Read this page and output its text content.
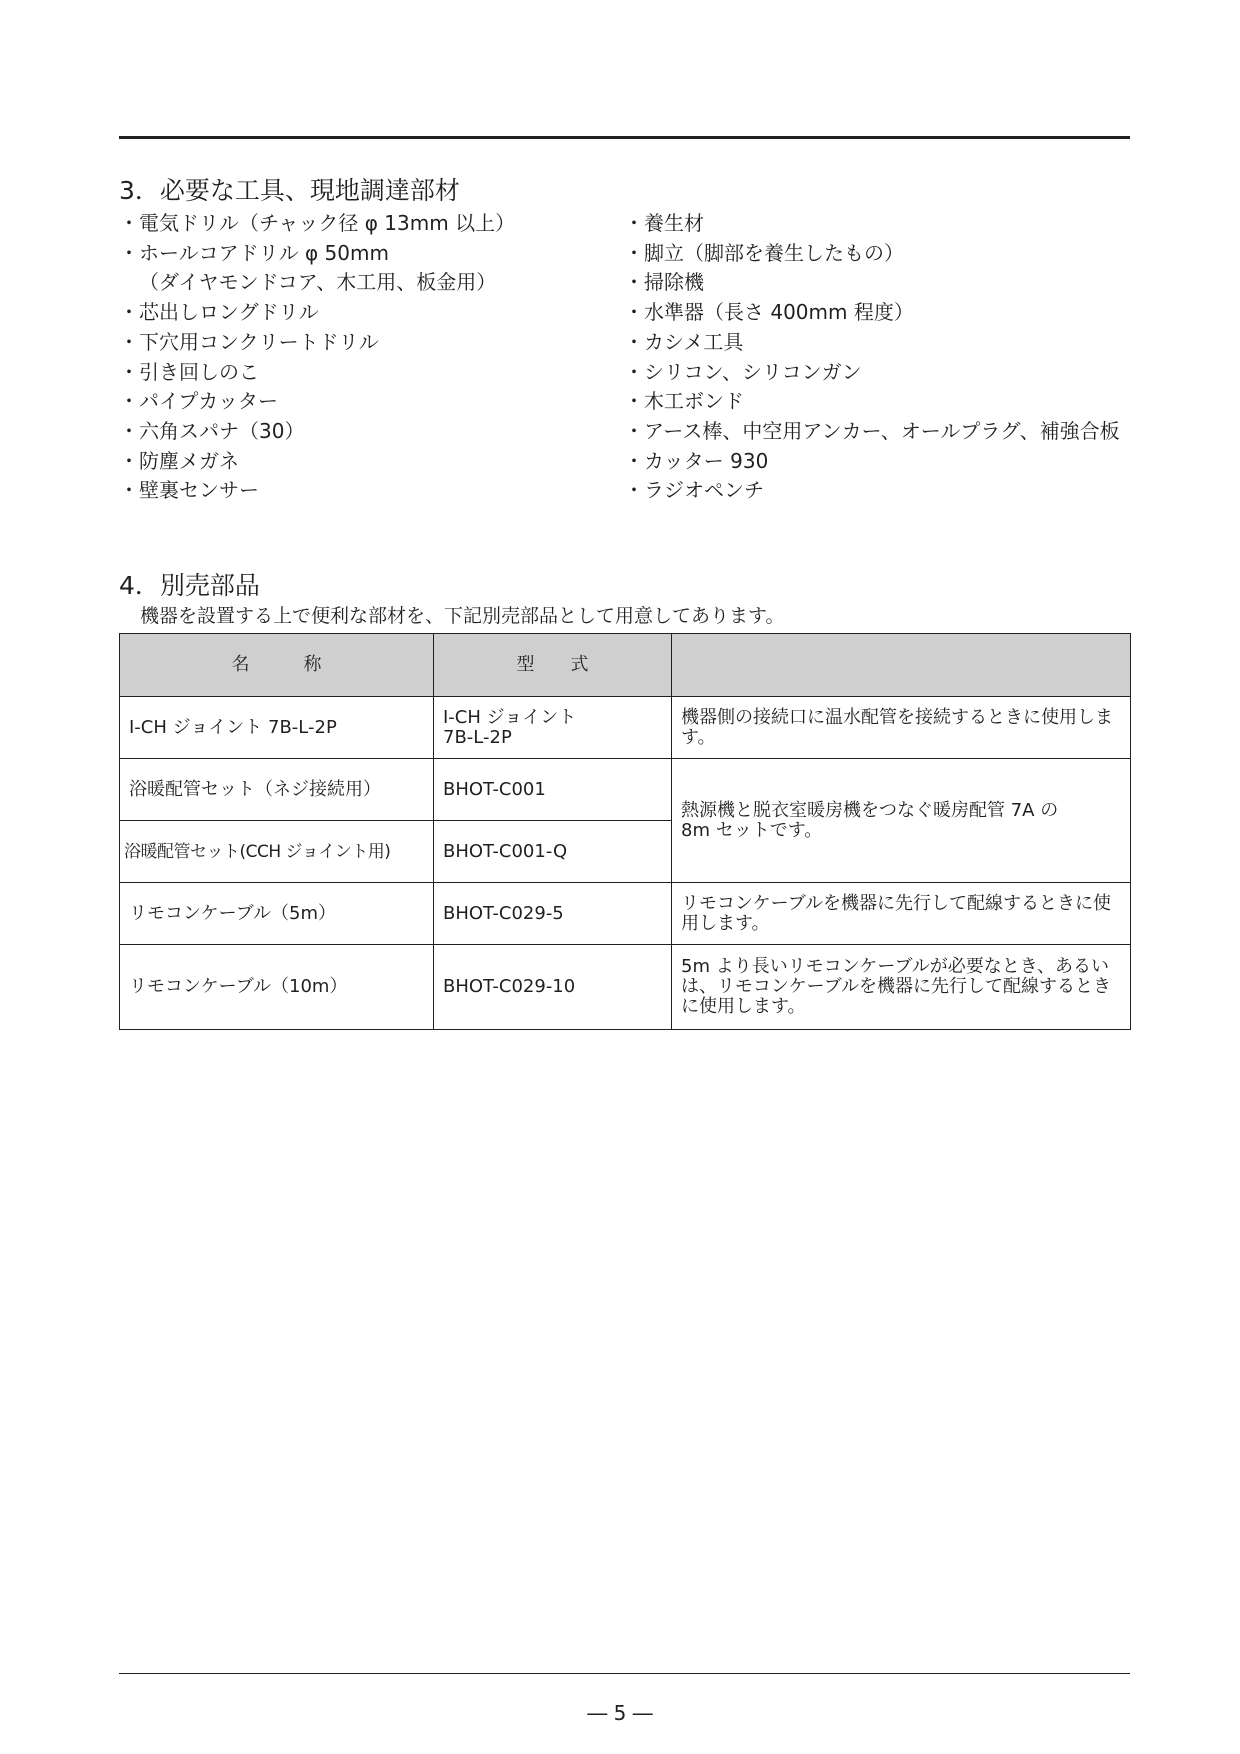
3．必要な工具、現地調達部材
・電気ドリル（チャック径 φ 13mm 以上）
・ホールコアドリル φ 50mm
（ダイヤモンドコア、木工用、板金用）
・芯出しロングドリル
・下穴用コンクリートドリル
・引き回しのこ
・パイプカッター
・六角スパナ（30）
・防塵メガネ
・壁裏センサー
・養生材
・脚立（脚部を養生したもの）
・掃除機
・水準器（長さ 400mm 程度）
・カシメ工具
・シリコン、シリコンガン
・木工ボンド
・アース棒、中空用アンカー、オールプラグ、補強合板
・カッター 930
・ラジオペンチ
4．別売部品
機器を設置する上で便利な部材を、下記別売部品として用意してあります。
名　　　称	型　　式	
I-CH ジョイント 7B-L-2P	I-CH ジョイント 7B-L-2P	機器側の接続口に温水配管を接続するときに使用します。
浴暖配管セット（ネジ接続用）	BHOT-C001	熱源機と脱衣室暖房機をつなぐ暖房配管 7A の 8m セットです。
浴暖配管セット(CCH ジョイント用)	BHOT-C001-Q	
リモコンケーブル（5m）	BHOT-C029-5	リモコンケーブルを機器に先行して配線するときに使用します。
リモコンケーブル（10m）	BHOT-C029-10	5m より長いリモコンケーブルが必要なとき、あるいは、リモコンケーブルを機器に先行して配線するときに使用します。
― 5 ―
